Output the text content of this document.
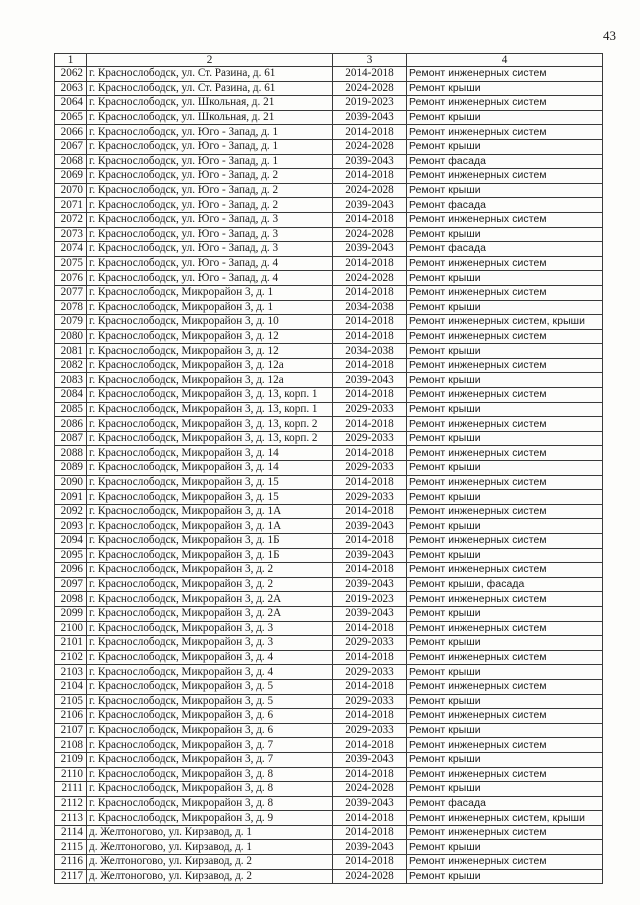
43
1	2	3	4
2062	г. Краснослободск, ул. Ст. Разина, д. 61	2014-2018	Ремонт инженерных систем
2063	г. Краснослободск, ул. Ст. Разина, д. 61	2024-2028	Ремонт крыши
2064	г. Краснослободск, ул. Школьная, д. 21	2019-2023	Ремонт инженерных систем
2065	г. Краснослободск, ул. Школьная, д. 21	2039-2043	Ремонт крыши
2066	г. Краснослободск, ул. Юго - Запад, д. 1	2014-2018	Ремонт инженерных систем
2067	г. Краснослободск, ул. Юго - Запад, д. 1	2024-2028	Ремонт крыши
2068	г. Краснослободск, ул. Юго - Запад, д. 1	2039-2043	Ремонт фасада
2069	г. Краснослободск, ул. Юго - Запад, д. 2	2014-2018	Ремонт инженерных систем
2070	г. Краснослободск, ул. Юго - Запад, д. 2	2024-2028	Ремонт крыши
2071	г. Краснослободск, ул. Юго - Запад, д. 2	2039-2043	Ремонт фасада
2072	г. Краснослободск, ул. Юго - Запад, д. 3	2014-2018	Ремонт инженерных систем
2073	г. Краснослободск, ул. Юго - Запад, д. 3	2024-2028	Ремонт крыши
2074	г. Краснослободск, ул. Юго - Запад, д. 3	2039-2043	Ремонт фасада
2075	г. Краснослободск, ул. Юго - Запад, д. 4	2014-2018	Ремонт инженерных систем
2076	г. Краснослободск, ул. Юго - Запад, д. 4	2024-2028	Ремонт крыши
2077	г. Краснослободск, Микрорайон 3, д. 1	2014-2018	Ремонт инженерных систем
2078	г. Краснослободск, Микрорайон 3, д. 1	2034-2038	Ремонт крыши
2079	г. Краснослободск, Микрорайон 3, д. 10	2014-2018	Ремонт инженерных систем, крыши
2080	г. Краснослободск, Микрорайон 3, д. 12	2014-2018	Ремонт инженерных систем
2081	г. Краснослободск, Микрорайон 3, д. 12	2034-2038	Ремонт крыши
2082	г. Краснослободск, Микрорайон 3, д. 12а	2014-2018	Ремонт инженерных систем
2083	г. Краснослободск, Микрорайон 3, д. 12а	2039-2043	Ремонт крыши
2084	г. Краснослободск, Микрорайон 3, д. 13, корп. 1	2014-2018	Ремонт инженерных систем
2085	г. Краснослободск, Микрорайон 3, д. 13, корп. 1	2029-2033	Ремонт крыши
2086	г. Краснослободск, Микрорайон 3, д. 13, корп. 2	2014-2018	Ремонт инженерных систем
2087	г. Краснослободск, Микрорайон 3, д. 13, корп. 2	2029-2033	Ремонт крыши
2088	г. Краснослободск, Микрорайон 3, д. 14	2014-2018	Ремонт инженерных систем
2089	г. Краснослободск, Микрорайон 3, д. 14	2029-2033	Ремонт крыши
2090	г. Краснослободск, Микрорайон 3, д. 15	2014-2018	Ремонт инженерных систем
2091	г. Краснослободск, Микрорайон 3, д. 15	2029-2033	Ремонт крыши
2092	г. Краснослободск, Микрорайон 3, д. 1А	2014-2018	Ремонт инженерных систем
2093	г. Краснослободск, Микрорайон 3, д. 1А	2039-2043	Ремонт крыши
2094	г. Краснослободск, Микрорайон 3, д. 1Б	2014-2018	Ремонт инженерных систем
2095	г. Краснослободск, Микрорайон 3, д. 1Б	2039-2043	Ремонт крыши
2096	г. Краснослободск, Микрорайон 3, д. 2	2014-2018	Ремонт инженерных систем
2097	г. Краснослободск, Микрорайон 3, д. 2	2039-2043	Ремонт крыши, фасада
2098	г. Краснослободск, Микрорайон 3, д. 2А	2019-2023	Ремонт инженерных систем
2099	г. Краснослободск, Микрорайон 3, д. 2А	2039-2043	Ремонт крыши
2100	г. Краснослободск, Микрорайон 3, д. 3	2014-2018	Ремонт инженерных систем
2101	г. Краснослободск, Микрорайон 3, д. 3	2029-2033	Ремонт крыши
2102	г. Краснослободск, Микрорайон 3, д. 4	2014-2018	Ремонт инженерных систем
2103	г. Краснослободск, Микрорайон 3, д. 4	2029-2033	Ремонт крыши
2104	г. Краснослободск, Микрорайон 3, д. 5	2014-2018	Ремонт инженерных систем
2105	г. Краснослободск, Микрорайон 3, д. 5	2029-2033	Ремонт крыши
2106	г. Краснослободск, Микрорайон 3, д. 6	2014-2018	Ремонт инженерных систем
2107	г. Краснослободск, Микрорайон 3, д. 6	2029-2033	Ремонт крыши
2108	г. Краснослободск, Микрорайон 3, д. 7	2014-2018	Ремонт инженерных систем
2109	г. Краснослободск, Микрорайон 3, д. 7	2039-2043	Ремонт крыши
2110	г. Краснослободск, Микрорайон 3, д. 8	2014-2018	Ремонт инженерных систем
2111	г. Краснослободск, Микрорайон 3, д. 8	2024-2028	Ремонт крыши
2112	г. Краснослободск, Микрорайон 3, д. 8	2039-2043	Ремонт фасада
2113	г. Краснослободск, Микрорайон 3, д. 9	2014-2018	Ремонт инженерных систем, крыши
2114	д. Желтоногово, ул. Кирзавод, д. 1	2014-2018	Ремонт инженерных систем
2115	д. Желтоногово, ул. Кирзавод, д. 1	2039-2043	Ремонт крыши
2116	д. Желтоногово, ул. Кирзавод, д. 2	2014-2018	Ремонт инженерных систем
2117	д. Желтоногово, ул. Кирзавод, д. 2	2024-2028	Ремонт крыши
